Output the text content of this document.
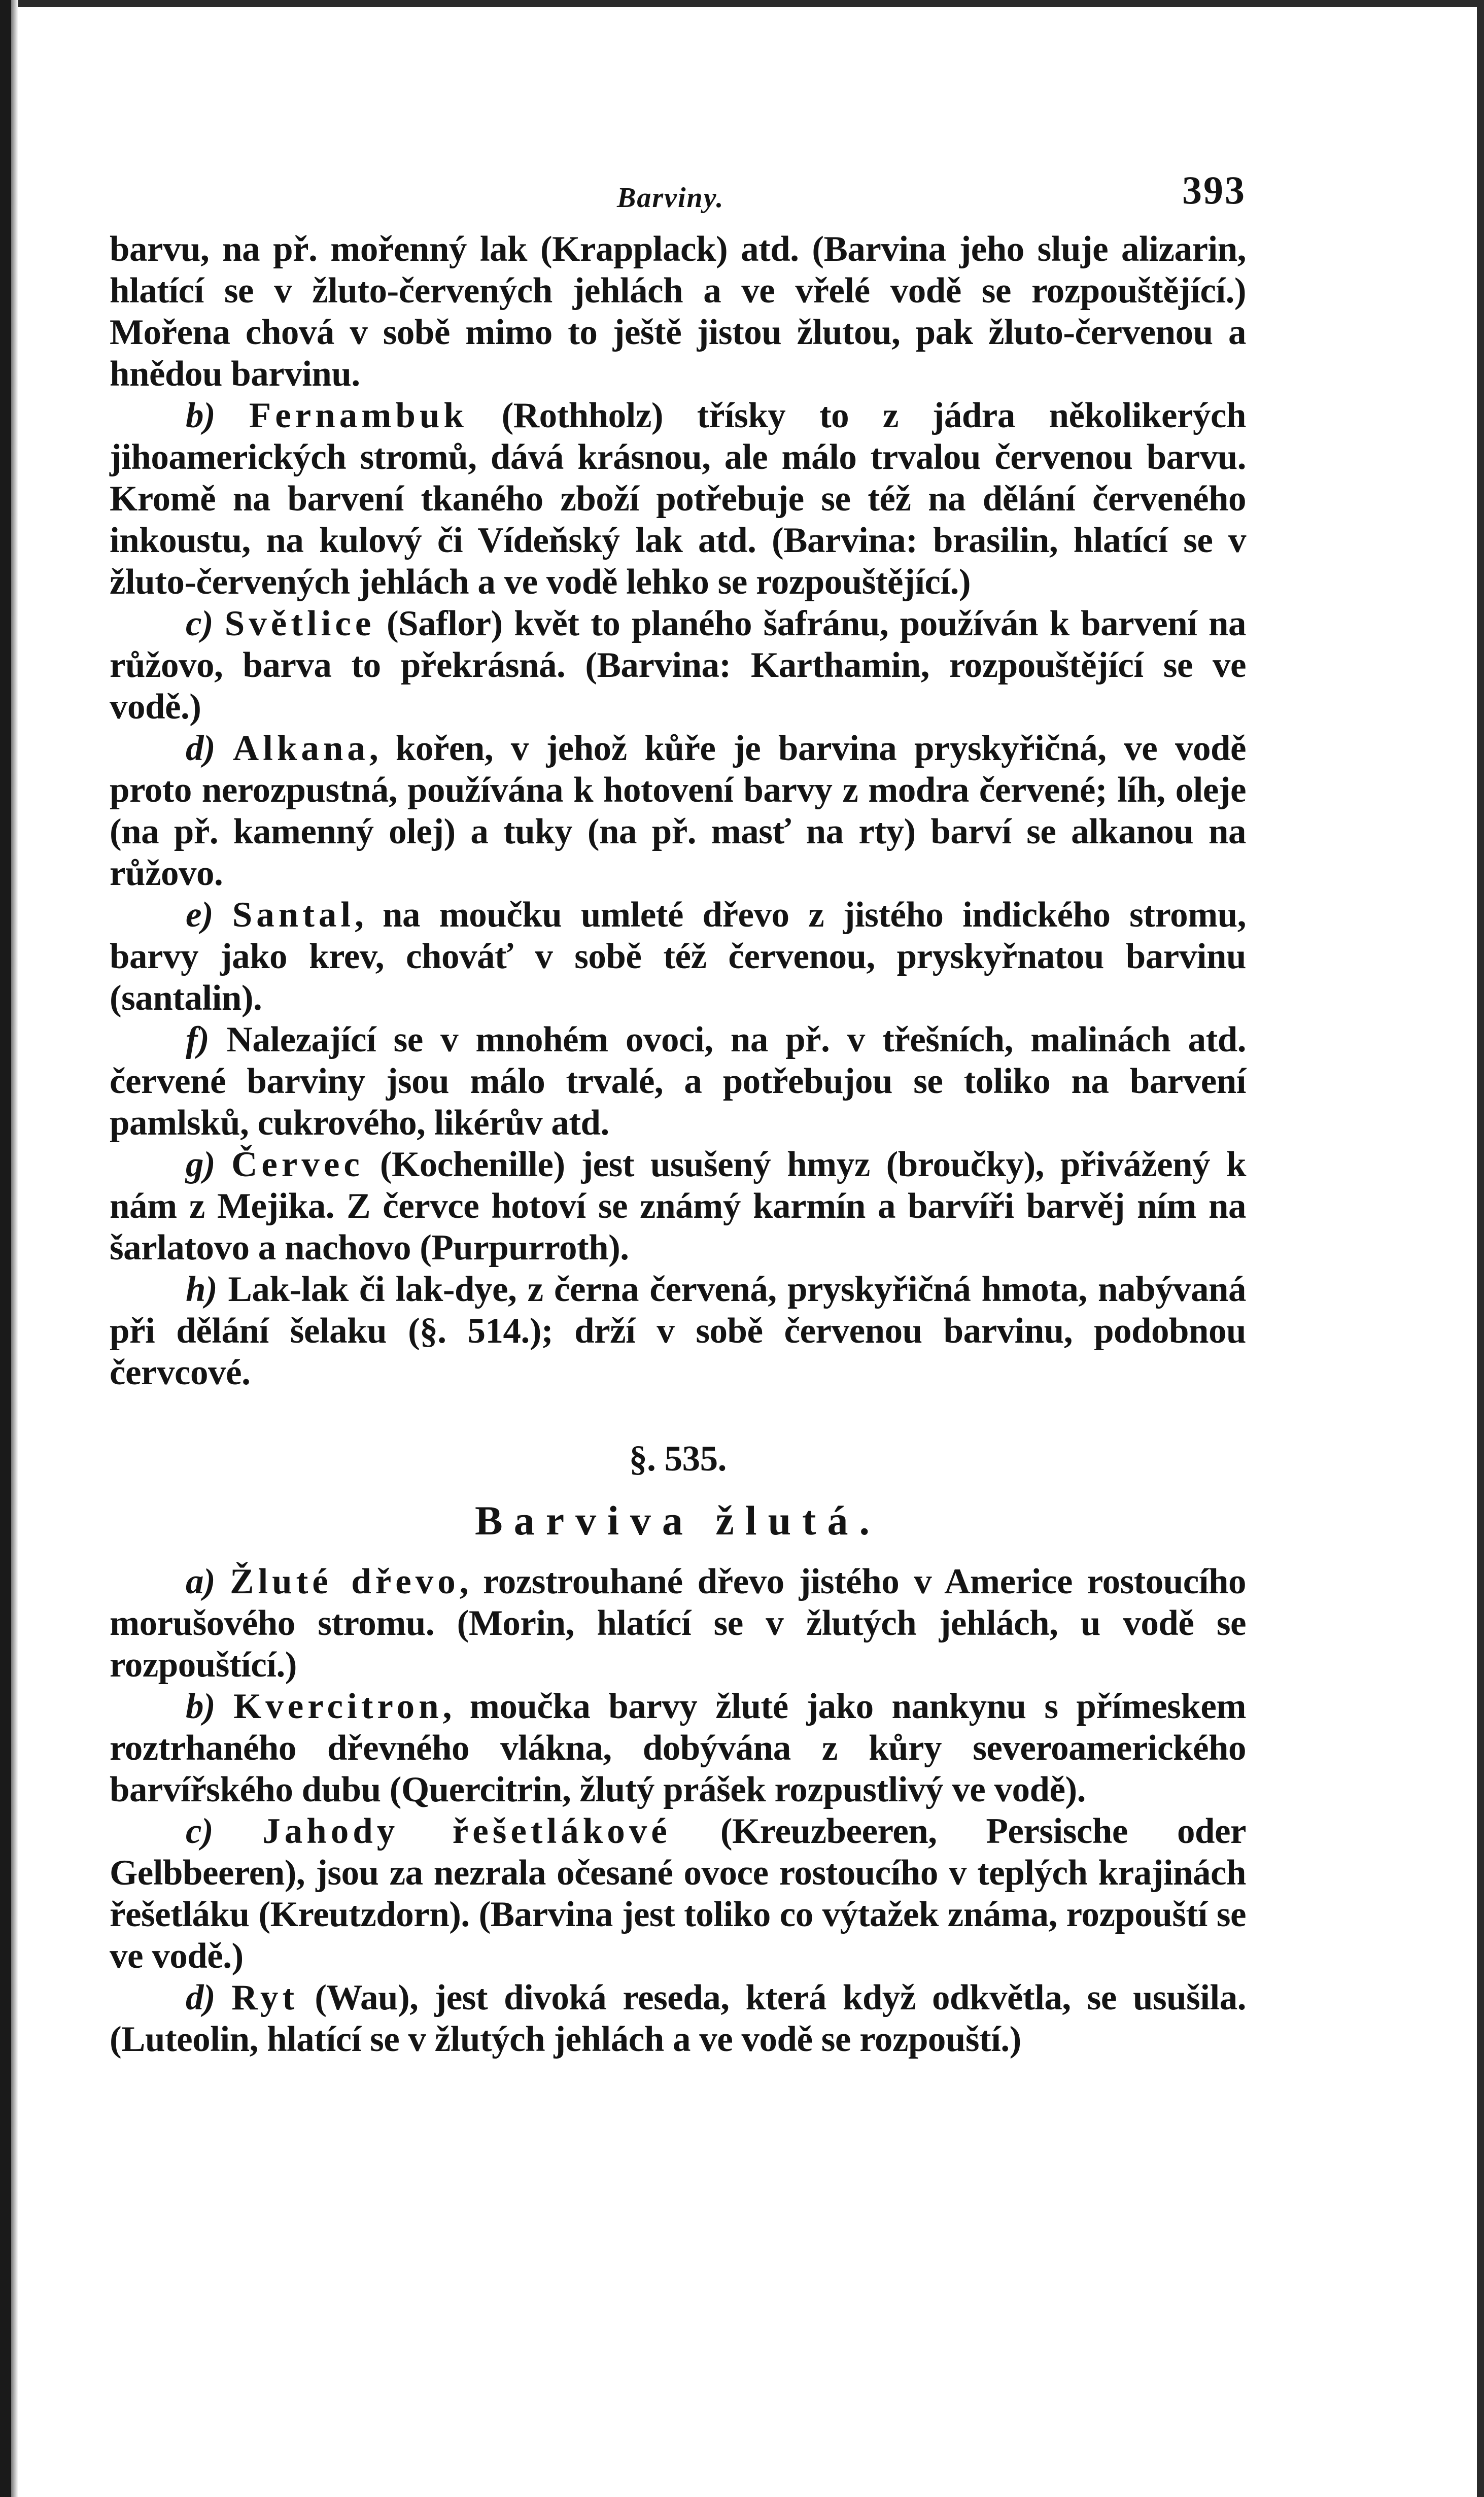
Barviny.	393

barvu, na př. mořenný lak (Krapplack) atd. (Barvina jeho sluje alizarin, hlatící se v žluto-červených jehlách a ve vřelé vodě se rozpouštějící.) Mořena chová v sobě mimo to ještě jistou žlutou, pak žluto-červenou a hnědou barvinu.

b) Fernambuk (Rothholz) třísky to z jádra několikerých jihoamerických stromů, dává krásnou, ale málo trvalou červenou barvu. Kromě na barvení tkaného zboží potřebuje se též na dělání červeného inkoustu, na kulový či Vídeňský lak atd. (Barvina: brasilin, hlatící se v žluto-červených jehlách a ve vodě lehko se rozpouštějící.)

c) Světlice (Saflor) květ to planého šafránu, používán k barvení na růžovo, barva to překrásná. (Barvina: Karthamin, rozpouštějící se ve vodě.)

d) Alkana, kořen, v jehož kůře je barvina pryskyřičná, ve vodě proto nerozpustná, používána k hotovení barvy z modra červené; líh, oleje (na př. kamenný olej) a tuky (na př. masť na rty) barví se alkanou na růžovo.

e) Santal, na moučku umleté dřevo z jistého indického stromu, barvy jako krev, chováť v sobě též červenou, pryskyřnatou barvinu (santalin).

f) Nalezající se v mnohém ovoci, na př. v třešních, malinách atd. červené barviny jsou málo trvalé, a potřebujou se toliko na barvení pamlsků, cukrového, likérův atd.

g) Červec (Kochenille) jest usušený hmyz (broučky), přivážený k nám z Mejika. Z červce hotoví se známý karmín a barvíři barvěj ním na šarlatovo a nachovo (Purpurroth).

h) Lak-lak či lak-dye, z černa červená, pryskyřičná hmota, nabývaná při dělání šelaku (§. 514.); drží v sobě červenou barvinu, podobnou červcové.

§. 535.
Barviva žlutá.

a) Žluté dřevo, rozstrouhané dřevo jistého v Americe rostoucího morušového stromu. (Morin, hlatící se v žlutých jehlách, u vodě se rozpouštící.)

b) Kvercitron, moučka barvy žluté jako nankynu s přímeskem roztrhaného dřevného vlákna, dobývána z kůry severoamerického barvířského dubu (Quercitrin, žlutý prášek rozpustlivý ve vodě).

c) Jahody řešetlákové (Kreuzbeeren, Persische oder Gelbbeeren), jsou za nezrala očesané ovoce rostoucího v teplých krajinách řešetláku (Kreutzdorn). (Barvina jest toliko co výtažek známa, rozpouští se ve vodě.)

d) Ryt (Wau), jest divoká reseda, která když odkvětla, se usušila. (Luteolin, hlatící se v žlutých jehlách a ve vodě se rozpouští.)
